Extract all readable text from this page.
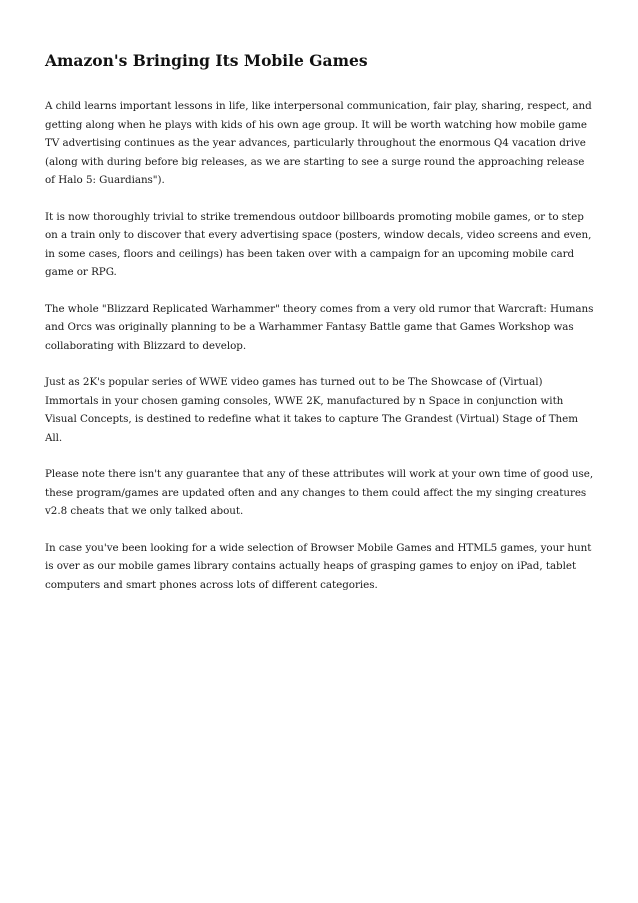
Amazon's Bringing Its Mobile Games

A child learns important lessons in life, like interpersonal communication, fair play, sharing, respect, and getting along when he plays with kids of his own age group. It will be worth watching how mobile game TV advertising continues as the year advances, particularly throughout the enormous Q4 vacation drive (along with during before big releases, as we are starting to see a surge round the approaching release of Halo 5: Guardians").

It is now thoroughly trivial to strike tremendous outdoor billboards promoting mobile games, or to step on a train only to discover that every advertising space (posters, window decals, video screens and even, in some cases, floors and ceilings) has been taken over with a campaign for an upcoming mobile card game or RPG.

The whole "Blizzard Replicated Warhammer" theory comes from a very old rumor that Warcraft: Humans and Orcs was originally planning to be a Warhammer Fantasy Battle game that Games Workshop was collaborating with Blizzard to develop.

Just as 2K's popular series of WWE video games has turned out to be The Showcase of (Virtual) Immortals in your chosen gaming consoles, WWE 2K, manufactured by n Space in conjunction with Visual Concepts, is destined to redefine what it takes to capture The Grandest (Virtual) Stage of Them All.

Please note there isn't any guarantee that any of these attributes will work at your own time of good use, these program/games are updated often and any changes to them could affect the my singing creatures v2.8 cheats that we only talked about.

In case you've been looking for a wide selection of Browser Mobile Games and HTML5 games, your hunt is over as our mobile games library contains actually heaps of grasping games to enjoy on iPad, tablet computers and smart phones across lots of different categories.
